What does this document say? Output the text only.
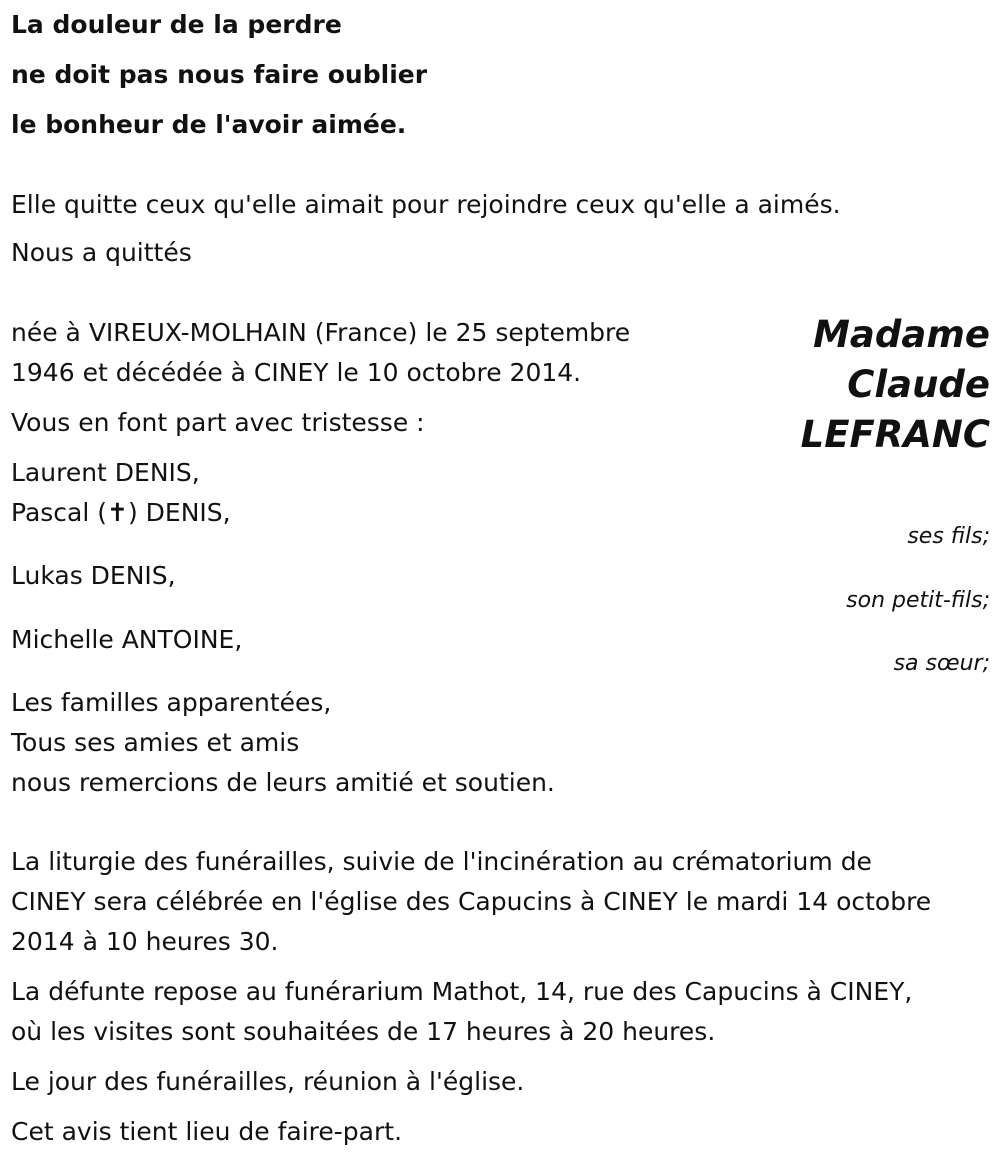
La douleur de la perdre
ne doit pas nous faire oublier
le bonheur de l'avoir aimée.
Elle quitte ceux qu'elle aimait pour rejoindre ceux qu'elle a aimés.
Nous a quittés
Madame
Claude
LEFRANC
née à VIREUX-MOLHAIN (France) le 25 septembre
1946 et décédée à CINEY le 10 octobre 2014.
Vous en font part avec tristesse :
Laurent DENIS,
Pascal (✝) DENIS,
ses fils;
Lukas DENIS,
son petit-fils;
Michelle ANTOINE,
sa sœur;
Les familles apparentées,
Tous ses amies et amis
nous remercions de leurs amitié et soutien.
La liturgie des funérailles, suivie de l'incinération au crématorium de
CINEY sera célébrée en l'église des Capucins à CINEY le mardi 14 octobre
2014 à 10 heures 30.
La défunte repose au funérarium Mathot, 14, rue des Capucins à CINEY,
où les visites sont souhaitées de 17 heures à 20 heures.
Le jour des funérailles, réunion à l'église.
Cet avis tient lieu de faire-part.
